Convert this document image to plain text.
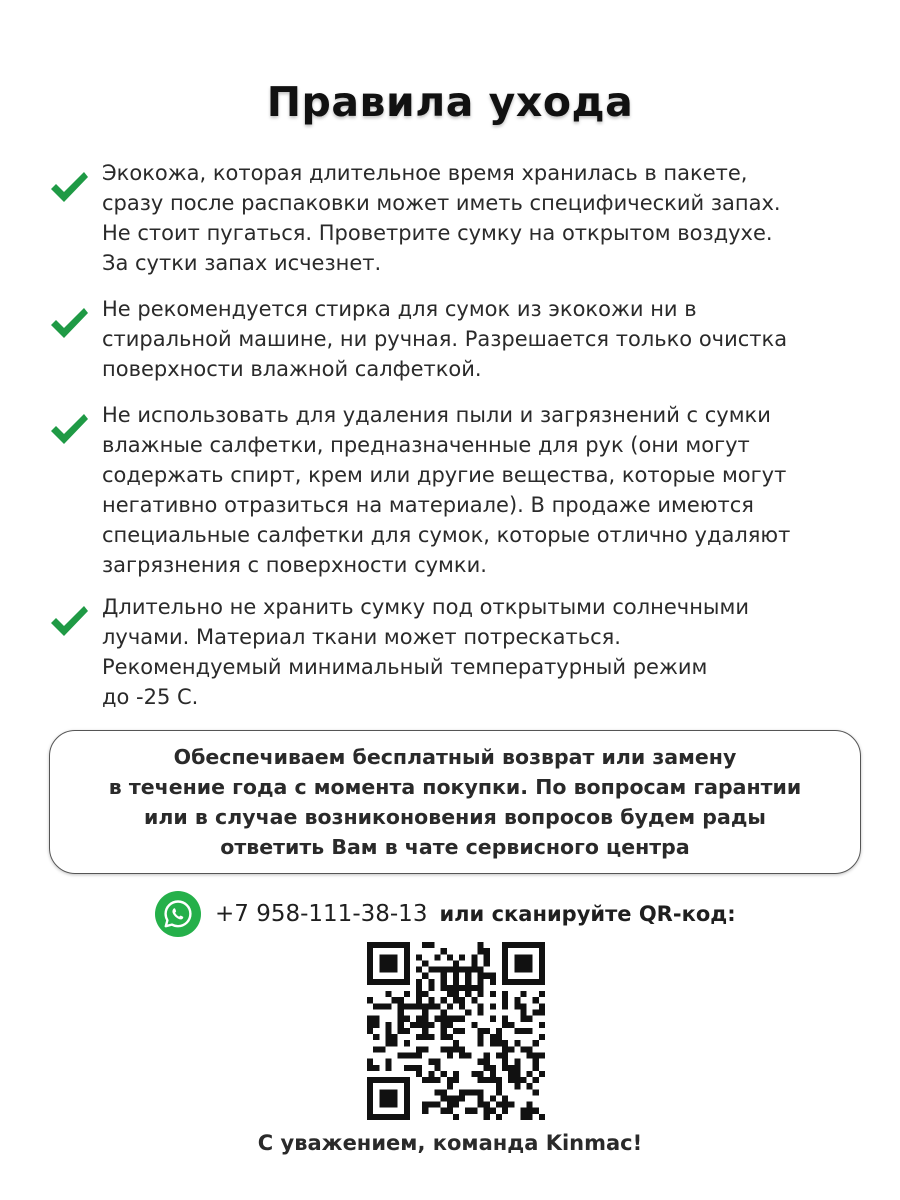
Правила ухода
Экокожа, которая длительное время хранилась в пакете,
сразу после распаковки может иметь специфический запах.
Не стоит пугаться. Проветрите сумку на открытом воздухе.
За сутки запах исчезнет.
Не рекомендуется стирка для сумок из экокожи ни в
стиральной машине, ни ручная. Разрешается только очистка
поверхности влажной салфеткой.
Не использовать для удаления пыли и загрязнений с сумки
влажные салфетки, предназначенные для рук (они могут
содержать спирт, крем или другие вещества, которые могут
негативно отразиться на материале). В продаже имеются
специальные салфетки для сумок, которые отлично удаляют
загрязнения с поверхности сумки.
Длительно не хранить сумку под открытыми солнечными
лучами. Материал ткани может потрескаться.
Рекомендуемый минимальный температурный режим
до -25 С.
Обеспечиваем бесплатный возврат или замену
в течение года с момента покупки. По вопросам гарантии
или в случае возниконовения вопросов будем рады
ответить Вам в чате сервисного центра
+7 958-111-38-13 или сканируйте QR-код:
С уважением, команда Kinmac!
